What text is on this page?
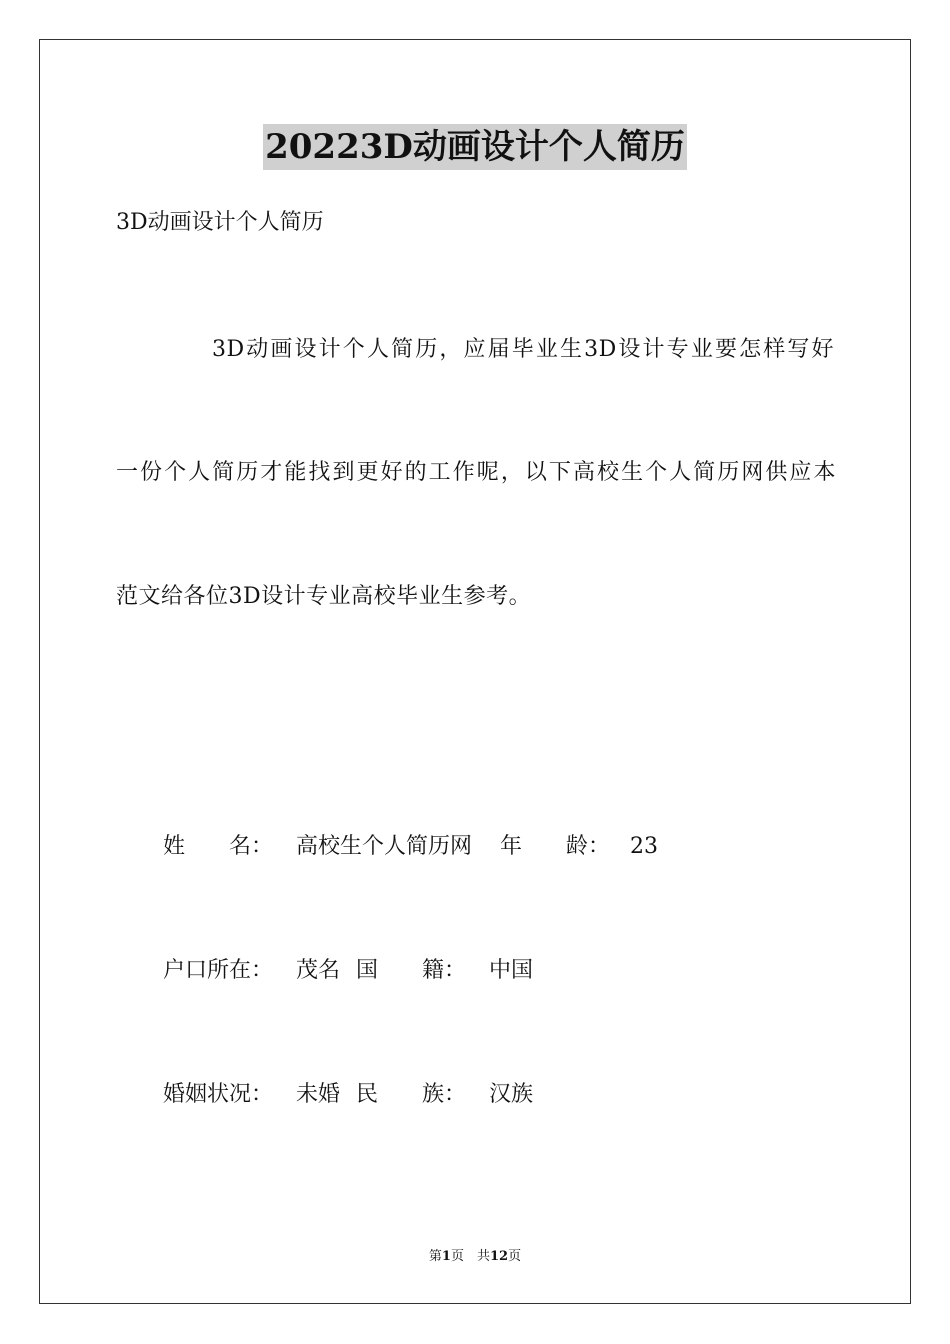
20223D动画设计个人简历
3D动画设计个人简历
3D动画设计个人简历，应届毕业生3D设计专业要怎样写好
一份个人简历才能找到更好的工作呢，以下高校生个人简历网供应本
范文给各位3D设计专业高校毕业生参考。
姓　　名： 高校生个人简历网 年　　龄： 23
户口所在： 茂名 国　　籍： 中国
婚姻状况： 未婚 民　　族： 汉族
第1页　共12页
